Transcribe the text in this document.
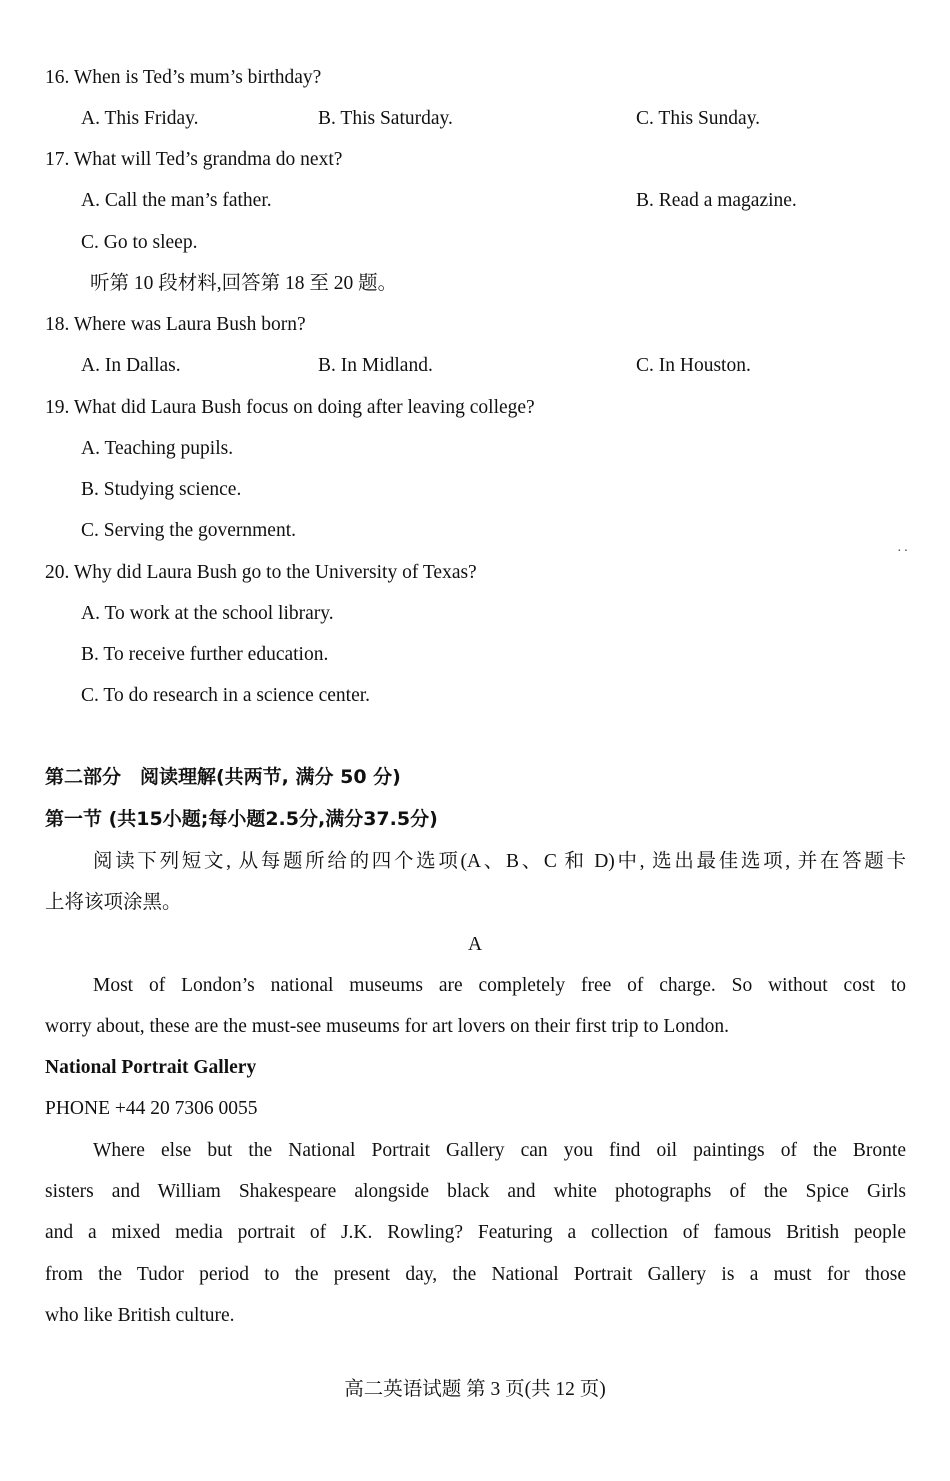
16. When is Ted’s mum’s birthday?
A. This Friday.	B. This Saturday.	C. This Sunday.
17. What will Ted’s grandma do next?
A. Call the man’s father.	B. Read a magazine.
C. Go to sleep.
听第 10 段材料,回答第 18 至 20 题。
18. Where was Laura Bush born?
A. In Dallas.	B. In Midland.	C. In Houston.
19. What did Laura Bush focus on doing after leaving college?
A. Teaching pupils.
B. Studying science.
C. Serving the government.
··
20. Why did Laura Bush go to the University of Texas?
A. To work at the school library.
B. To receive further education.
C. To do research in a science center.
第二部分　阅读理解(共两节, 满分 50 分)
第一节 (共15小题;每小题2.5分,满分37.5分)

阅读下列短文, 从每题所给的四个选项(A、B、C 和 D)中, 选出最佳选项, 并在答题卡

上将该项涂黑。

A

Most of London’s national museums are completely free of charge. So without cost to

worry about, these are the must-see museums for art lovers on their first trip to London.

National Portrait Gallery
PHONE +44 20 7306 0055

Where else but the National Portrait Gallery can you find oil paintings of the Bronte

sisters and William Shakespeare alongside black and white photographs of the Spice Girls

and a mixed media portrait of J.K. Rowling? Featuring a collection of famous British people

from the Tudor period to the present day, the National Portrait Gallery is a must for those

who like British culture.

高二英语试题 第 3 页(共 12 页)
